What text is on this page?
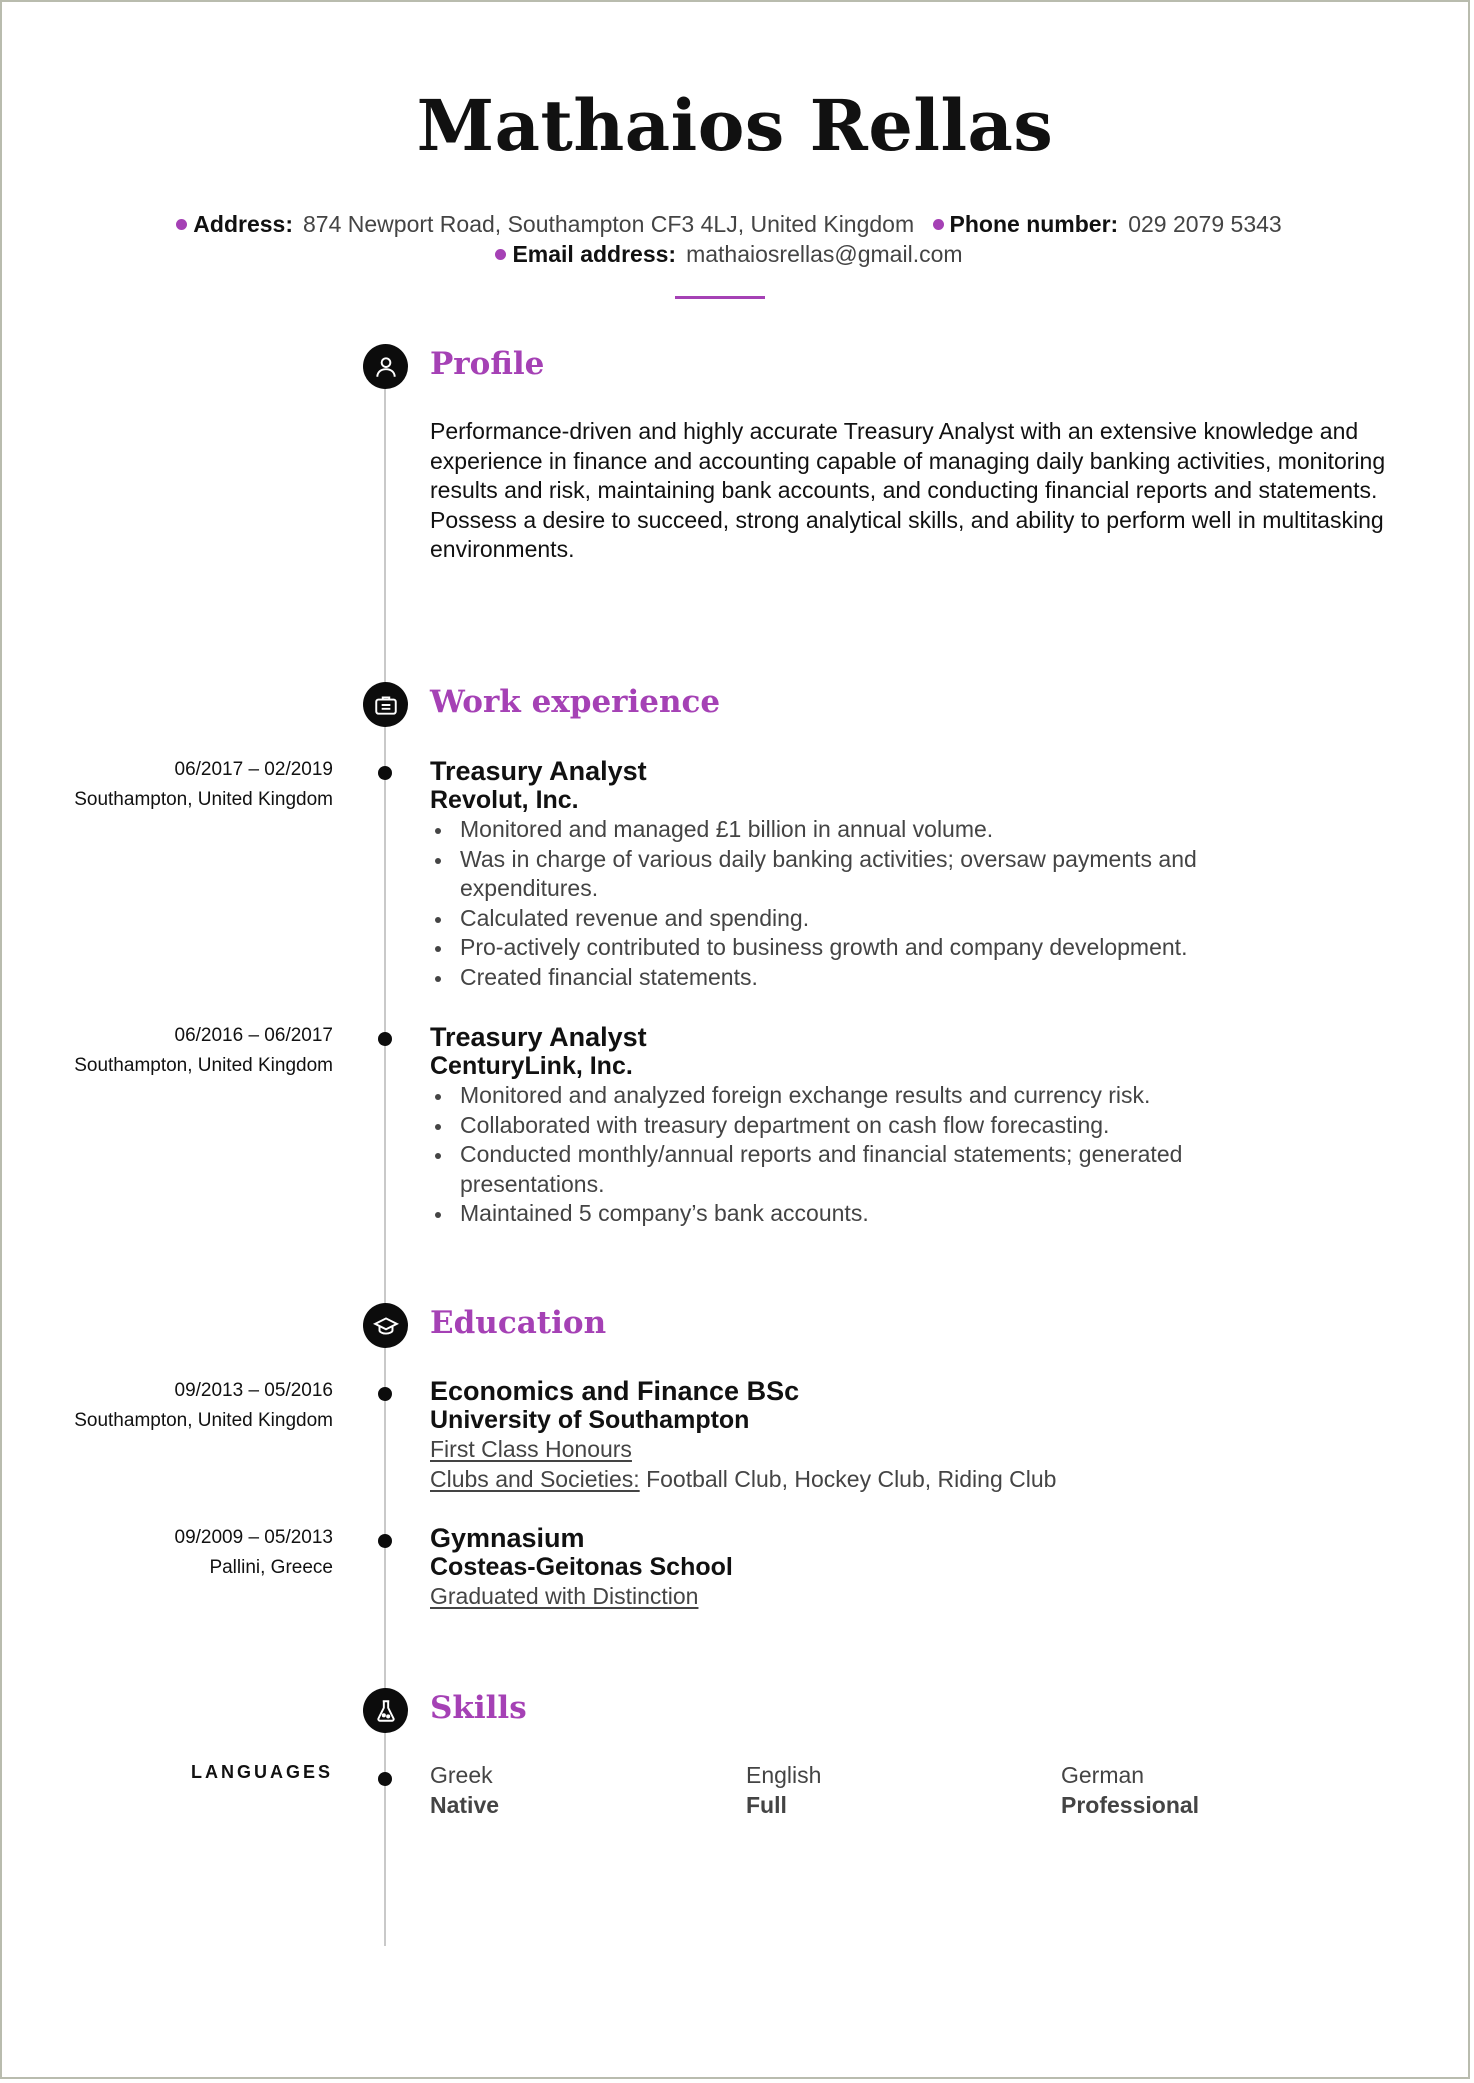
Mathaios Rellas
Address: 874 Newport Road, Southampton CF3 4LJ, United Kingdom Phone number: 029 2079 5343
Email address: mathaiosrellas@gmail.com
Profile

Performance-driven and highly accurate Treasury Analyst with an extensive knowledge and experience in finance and accounting capable of managing daily banking activities, monitoring results and risk, maintaining bank accounts, and conducting financial reports and statements.

Possess a desire to succeed, strong analytical skills, and ability to perform well in multitasking environments.

Work experience
06/2017 – 02/2019
Southampton, United Kingdom
Treasury Analyst
Revolut, Inc.
Monitored and managed £1 billion in annual volume.
Was in charge of various daily banking activities; oversaw payments and expenditures.
Calculated revenue and spending.
Pro-actively contributed to business growth and company development.
Created financial statements.
06/2016 – 06/2017
Southampton, United Kingdom
Treasury Analyst
CenturyLink, Inc.
Monitored and analyzed foreign exchange results and currency risk.
Collaborated with treasury department on cash flow forecasting.
Conducted monthly/annual reports and financial statements; generated presentations.
Maintained 5 company’s bank accounts.
Education
09/2013 – 05/2016
Southampton, United Kingdom
Economics and Finance BSc
University of Southampton
First Class Honours
Clubs and Societies: Football Club, Hockey Club, Riding Club
09/2009 – 05/2013
Pallini, Greece
Gymnasium
Costeas-Geitonas School
Graduated with Distinction
Skills
LANGUAGES	Greek
Native
English
Full
German
Professional
